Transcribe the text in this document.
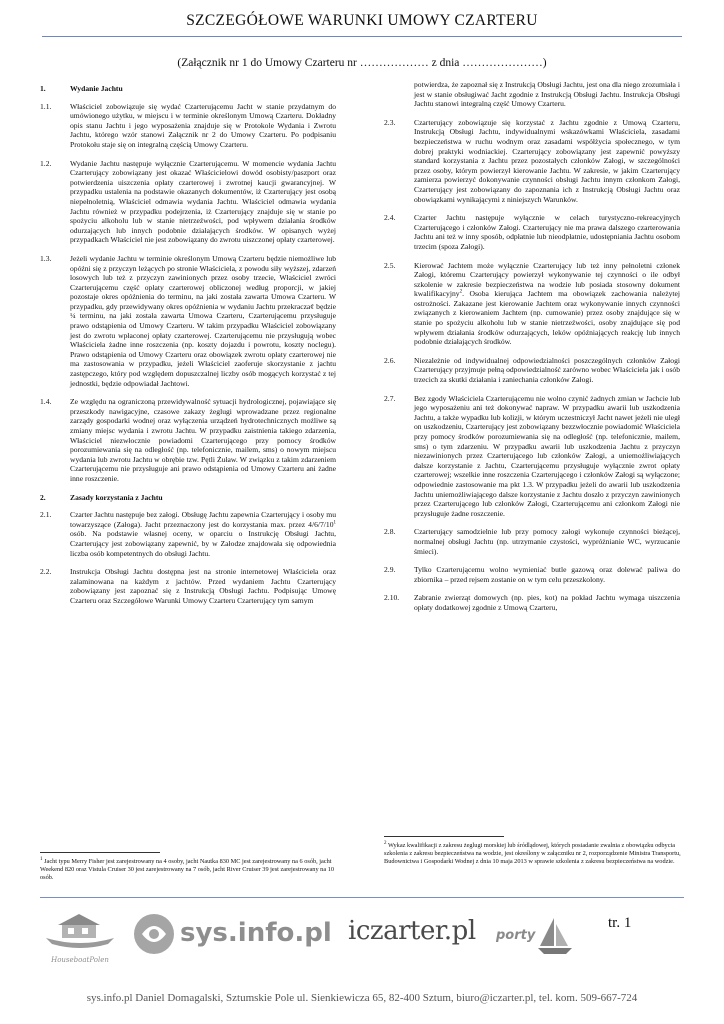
SZCZEGÓŁOWE WARUNKI UMOWY CZARTERU
(Załącznik nr 1 do Umowy Czarteru nr ……………… z dnia …………………)
1.	Wydanie Jachtu
1.1.	Właściciel zobowiązuje się wydać Czarterującemu Jacht w stanie przydatnym do umówionego użytku, w miejscu i w terminie określonym Umową Czarteru. Dokładny opis stanu Jachtu i jego wyposażenia znajduje się w Protokole Wydania i Zwrotu Jachtu, którego wzór stanowi Załącznik nr 2 do Umowy Czarteru. Po podpisaniu Protokołu staje się on integralną częścią Umowy Czarteru.
1.2.	Wydanie Jachtu następuje wyłącznie Czarterującemu. W momencie wydania Jachtu Czarterujący zobowiązany jest okazać Właścicielowi dowód osobisty/paszport oraz potwierdzenia uiszczenia opłaty czarterowej i zwrotnej kaucji gwarancyjnej. W przypadku ustalenia na podstawie okazanych dokumentów, iż Czarterujący jest osobą niepełnoletnią, Właściciel odmawia wydania Jachtu. Właściciel odmawia wydania Jachtu również w przypadku podejrzenia, iż Czarterujący znajduje się w stanie po spożyciu alkoholu lub w stanie nietrzeźwości, pod wpływem działania środków odurzających lub innych podobnie działających środków. W opisanych wyżej przypadkach Właściciel nie jest zobowiązany do zwrotu uiszczonej opłaty czarterowej.
1.3.	Jeżeli wydanie Jachtu w terminie określonym Umową Czarteru będzie niemożliwe lub opóźni się z przyczyn leżących po stronie Właściciela, z powodu siły wyższej, zdarzeń losowych lub też z przyczyn zawinionych przez osoby trzecie, Właściciel zwróci Czarterującemu część opłaty czarterowej obliczonej według proporcji, w jakiej pozostaje okres opóźnienia do terminu, na jaki została zawarta Umowa Czarteru. W przypadku, gdy przewidywany okres opóźnienia w wydaniu Jachtu przekracza¢ będzie ¼ terminu, na jaki została zawarta Umowa Czarteru, Czarterującemu przysługuje prawo odstąpienia od Umowy Czarteru. W takim przypadku Właściciel zobowiązany jest do zwrotu wpłaconej opłaty czarterowej. Czarterującemu nie przysługują wobec Właściciela żadne inne roszczenia (np. koszty dojazdu i powrotu, koszty noclegu). Prawo odstąpienia od Umowy Czarteru oraz obowiązek zwrotu opłaty czarterowej nie ma zastosowania w przypadku, jeżeli Właściciel zaoferuje skorzystanie z jachtu zastępczego, który pod względem dopuszczalnej liczby osób mogących korzystać z tej jednostki, będzie odpowiadał Jachtowi.
1.4.	Ze względu na ograniczoną przewidywalność sytuacji hydrologicznej, pojawiające się przeszkody nawigacyjne, czasowe zakazy żeglugi wprowadzane przez regionalne zarządy gospodarki wodnej oraz wyłączenia urządzeń hydrotechnicznych możliwe są zmiany miejsc wydania i zwrotu Jachtu. W przypadku zaistnienia takiego zdarzenia, Właściciel niezwłocznie powiadomi Czarterującego przy pomocy środków porozumiewania się na odległość (np. telefonicznie, mailem, sms) o nowym miejscu wydania lub zwrotu Jachtu w obrębie tzw. Pętli Żuław. W związku z takim zdarzeniem Czarterującemu nie przysługuje ani prawo odstąpienia od Umowy Czarteru ani żadne inne roszczenie.
2.	Zasady korzystania z Jachtu
2.1.	Czarter Jachtu następuje bez załogi. Obsługę Jachtu zapewnia Czarterujący i osoby mu towarzyszące (Załoga). Jacht przeznaczony jest do korzystania max. przez $4/6/7/10^1$ osób. Na podstawie własnej oceny, w oparciu o Instrukcję Obsługi Jachtu, Czarterujący jest zobowiązany zapewnić, by w Załodze znajdowała się odpowiednia liczba osób kompetentnych do obsługi Jachtu.
2.2.	Instrukcja Obsługi Jachtu dostępna jest na stronie internetowej Właściciela oraz zalaminowana na każdym z jachtów. Przed wydaniem Jachtu Czarterujący zobowiązany jest zapoznać się z Instrukcją Obsługi Jachtu. Podpisując Umowę Czarteru oraz Szczegółowe Warunki Umowy Czarteru Czarterujący tym samym
$^1$ Jacht typu Merry Fisher jest zarejestrowany na 4 osoby, jacht Nautka 830 MC jest zarejestrowany na 6 osób, jacht Weekend 820 oraz Vistula Cruiser 30 jest zarejestrowany na 7 osób, jacht River Cruiser 39 jest zarejestrowany na 10 osób.
potwierdza, że zapoznał się z Instrukcją Obsługi Jachtu, jest ona dla niego zrozumiała i jest w stanie obsługiwać Jacht zgodnie z Instrukcją Obsługi Jachtu. Instrukcja Obsługi Jachtu stanowi integralną część Umowy Czarteru.
2.3.	Czarterujący zobowiązuje się korzystać z Jachtu zgodnie z Umową Czarteru, Instrukcją Obsługi Jachtu, indywidualnymi wskazówkami Właściciela, zasadami bezpieczeństwa w ruchu wodnym oraz zasadami współżycia społecznego, w tym dobrej praktyki wodniackiej. Czarterujący zobowiązany jest zapewnić powyższy standard korzystania z Jachtu przez pozostałych członków Załogi, w szczególności przez osoby, którym powierzył kierowanie Jachtu. W zakresie, w jakim Czarterujący zamierza powierzyć dokonywanie czynności obsługi Jachtu innym członkom Załogi, Czarterujący jest zobowiązany do zapoznania ich z Instrukcją Obsługi Jachtu oraz obowiązkami wynikającymi z niniejszych Warunków.
2.4.	Czarter Jachtu następuje wyłącznie w celach turystyczno-rekreacyjnych Czarterującego i członków Załogi. Czarterujący nie ma prawa dalszego czarterowania Jachtu ani też w inny sposób, odpłatnie lub nieodpłatnie, udostępniania Jachtu osobom trzecim (spoza Załogi).
2.5.	Kierować Jachtem może wyłącznie Czarterujący lub też inny pełnoletni członek Załogi, któremu Czarterujący powierzył wykonywanie tej czynności o ile odbył szkolenie w zakresie bezpieczeństwa na wodzie lub posiada stosowny dokument kwalifikacyjny$^2$. Osoba kierująca Jachtem ma obowiązek zachowania należytej ostrożności. Zakazane jest kierowanie Jachtem oraz wykonywanie innych czynności związanych z kierowaniem Jachtem (np. cumowanie) przez osoby znajdujące się w stanie po spożyciu alkoholu lub w stanie nietrzeźwości, osoby znajdujące się pod wpływem działania środków odurzających, leków opóźniających reakcję lub innych podobnie działających środków.
2.6.	Niezależnie od indywidualnej odpowiedzialności poszczególnych członków Załogi Czarterujący przyjmuje pełną odpowiedzialność zarówno wobec Właściciela jak i osób trzecich za skutki działania i zaniechania członków Załogi.
2.7.	Bez zgody Właściciela Czarterującemu nie wolno czynić żadnych zmian w Jachcie lub jego wyposażeniu ani też dokonywać napraw. W przypadku awarii lub uszkodzenia Jachtu, a także wypadku lub kolizji, w którym uczestniczył Jacht nawet jeżeli nie uległ on uszkodzeniu, Czarterujący jest zobowiązany bezzwłocznie powiadomić Właściciela przy pomocy środków porozumiewania się na odległość (np. telefonicznie, mailem, sms) o tym zdarzeniu. W przypadku awarii lub uszkodzenia Jachtu z przyczyn niezawinionych przez Czarterującego lub członków Załogi, a uniemożliwiających dalsze korzystanie z Jachtu, Czarterującemu przysługuje wyłącznie zwrot opłaty czarterowej; wszelkie inne roszczenia Czarterującego i członków Załogi są wyłączone; odpowiednie zastosowanie ma pkt 1.3. W przypadku jeżeli do awarii lub uszkodzenia Jachtu uniemożliwiającego dalsze korzystanie z Jachtu doszło z przyczyn zawinionych przez Czarterującego lub członków Załogi, Czarterującemu ani członkom Załogi nie przysługuje żadne roszczenie.
2.8.	Czarterujący samodzielnie lub przy pomocy załogi wykonuje czynności bieżącej, normalnej obsługi Jachtu (np. utrzymanie czystości, wypróżnianie WC, wyrzucanie śmieci).
2.9.	Tylko Czarterującemu wolno wymieniać butle gazową oraz dolewać paliwa do zbiornika – przed rejsem zostanie on w tym celu przeszkolony.
2.10.	Zabranie zwierząt domowych (np. pies, kot) na pokład Jachtu wymaga uiszczenia opłaty dodatkowej zgodnie z Umową Czarteru,
$^2$ Wykaz kwalifikacji z zakresu żeglugi morskiej lub śródlądowej, których posiadanie zwalnia z obowiązku odbycia szkolenia z zakresu bezpieczeństwa na wodzie, jest określony w załączniku nr 2, rozporządzenie Ministra Transportu, Budownictwa i Gospodarki Wodnej z dnia 10 maja 2013 w sprawie szkolenia z zakresu bezpieczeństwa na wodzie.
HouseboatPolen
sys.info.pl iczarter.pl	porty
tr. 1
sys.info.pl Daniel Domagalski, Sztumskie Pole ul. Sienkiewicza 65, 82-400 Sztum, biuro@iczarter.pl, tel. kom. 509-667-724
